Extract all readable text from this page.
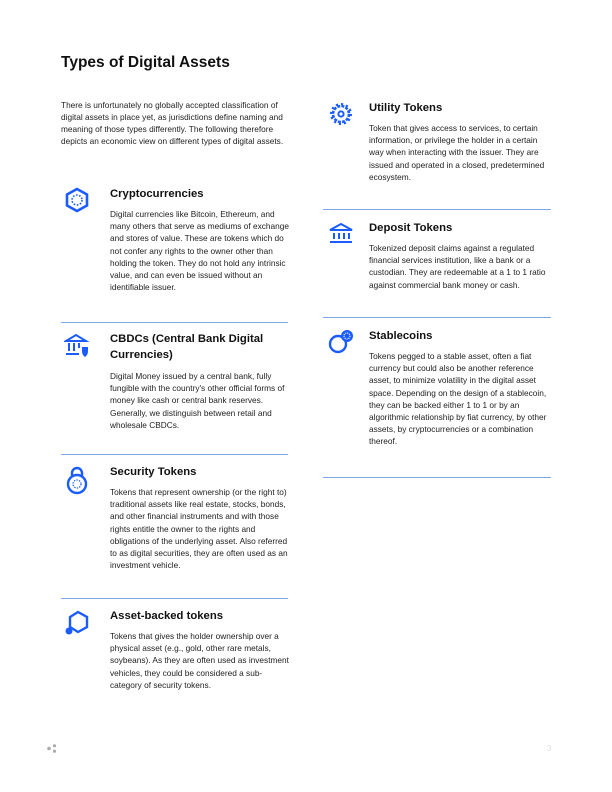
Types of Digital Assets
There is unfortunately no globally accepted classification of digital assets in place yet, as jurisdictions define naming and meaning of those types differently. The following therefore depicts an economic view on different types of digital assets.
Cryptocurrencies
Digital currencies like Bitcoin, Ethereum, and many others that serve as mediums of exchange and stores of value. These are tokens which do not confer any rights to the owner other than holding the token. They do not hold any intrinsic value, and can even be issued without an identifiable issuer.
CBDCs (Central Bank Digital Currencies)
Digital Money issued by a central bank, fully fungible with the country's other official forms of money like cash or central bank reserves. Generally, we distinguish between retail and wholesale CBDCs.
Security Tokens
Tokens that represent ownership (or the right to) traditional assets like real estate, stocks, bonds, and other financial instruments and with those rights entitle the owner to the rights and obligations of the underlying asset. Also referred to as digital securities, they are often used as an investment vehicle.
Asset-backed tokens
Tokens that gives the holder ownership over a physical asset (e.g., gold, other rare metals, soybeans). As they are often used as investment vehicles, they could be considered a sub-category of security tokens.
Utility Tokens
Token that gives access to services, to certain information, or privilege the holder in a certain way when interacting with the issuer. They are issued and operated in a closed, predetermined ecosystem.
Deposit Tokens
Tokenized deposit claims against a regulated financial services institution, like a bank or a custodian. They are redeemable at a 1 to 1 ratio against commercial bank money or cash.
Stablecoins
Tokens pegged to a stable asset, often a fiat currency but could also be another reference asset, to minimize volatility in the digital asset space. Depending on the design of a stablecoin, they can be backed either 1 to 1 or by an algorithmic relationship by fiat currency, by other assets, by cryptocurrencies or a combination thereof.
3
